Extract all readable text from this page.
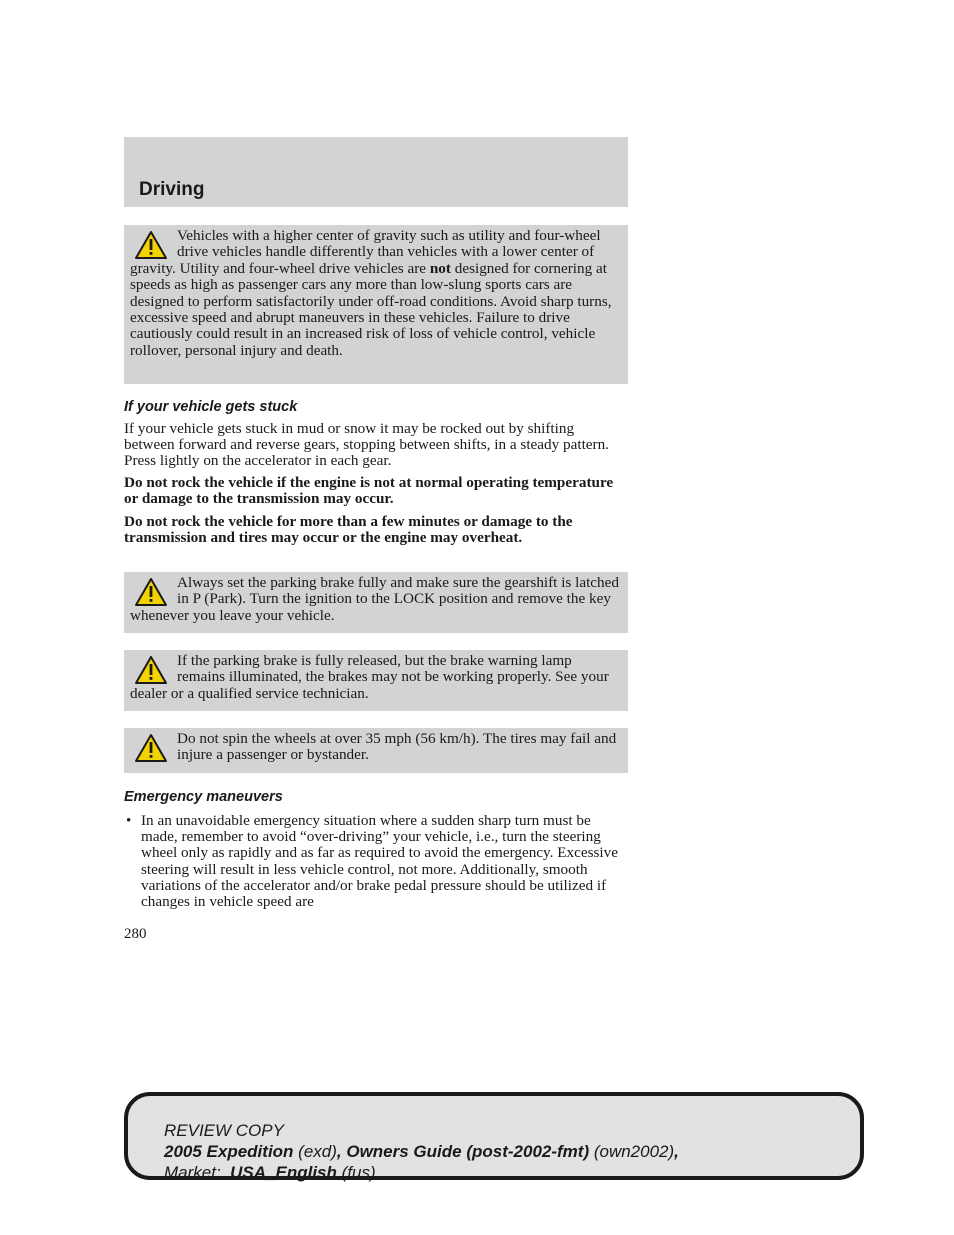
Driving
Vehicles with a higher center of gravity such as utility and four-wheel drive vehicles handle differently than vehicles with a lower center of gravity. Utility and four-wheel drive vehicles are not designed for cornering at speeds as high as passenger cars any more than low-slung sports cars are designed to perform satisfactorily under off-road conditions. Avoid sharp turns, excessive speed and abrupt maneuvers in these vehicles. Failure to drive cautiously could result in an increased risk of loss of vehicle control, vehicle rollover, personal injury and death.
If your vehicle gets stuck
If your vehicle gets stuck in mud or snow it may be rocked out by shifting between forward and reverse gears, stopping between shifts, in a steady pattern. Press lightly on the accelerator in each gear.
Do not rock the vehicle if the engine is not at normal operating temperature or damage to the transmission may occur.
Do not rock the vehicle for more than a few minutes or damage to the transmission and tires may occur or the engine may overheat.
Always set the parking brake fully and make sure the gearshift is latched in P (Park). Turn the ignition to the LOCK position and remove the key whenever you leave your vehicle.
If the parking brake is fully released, but the brake warning lamp remains illuminated, the brakes may not be working properly. See your dealer or a qualified service technician.
Do not spin the wheels at over 35 mph (56 km/h). The tires may fail and injure a passenger or bystander.
Emergency maneuvers
• In an unavoidable emergency situation where a sudden sharp turn must be made, remember to avoid “over-driving” your vehicle, i.e., turn the steering wheel only as rapidly and as far as required to avoid the emergency. Excessive steering will result in less vehicle control, not more. Additionally, smooth variations of the accelerator and/or brake pedal pressure should be utilized if changes in vehicle speed are
280
REVIEW COPY
2005 Expedition (exd), Owners Guide (post-2002-fmt) (own2002),
Market: USA_English (fus)
